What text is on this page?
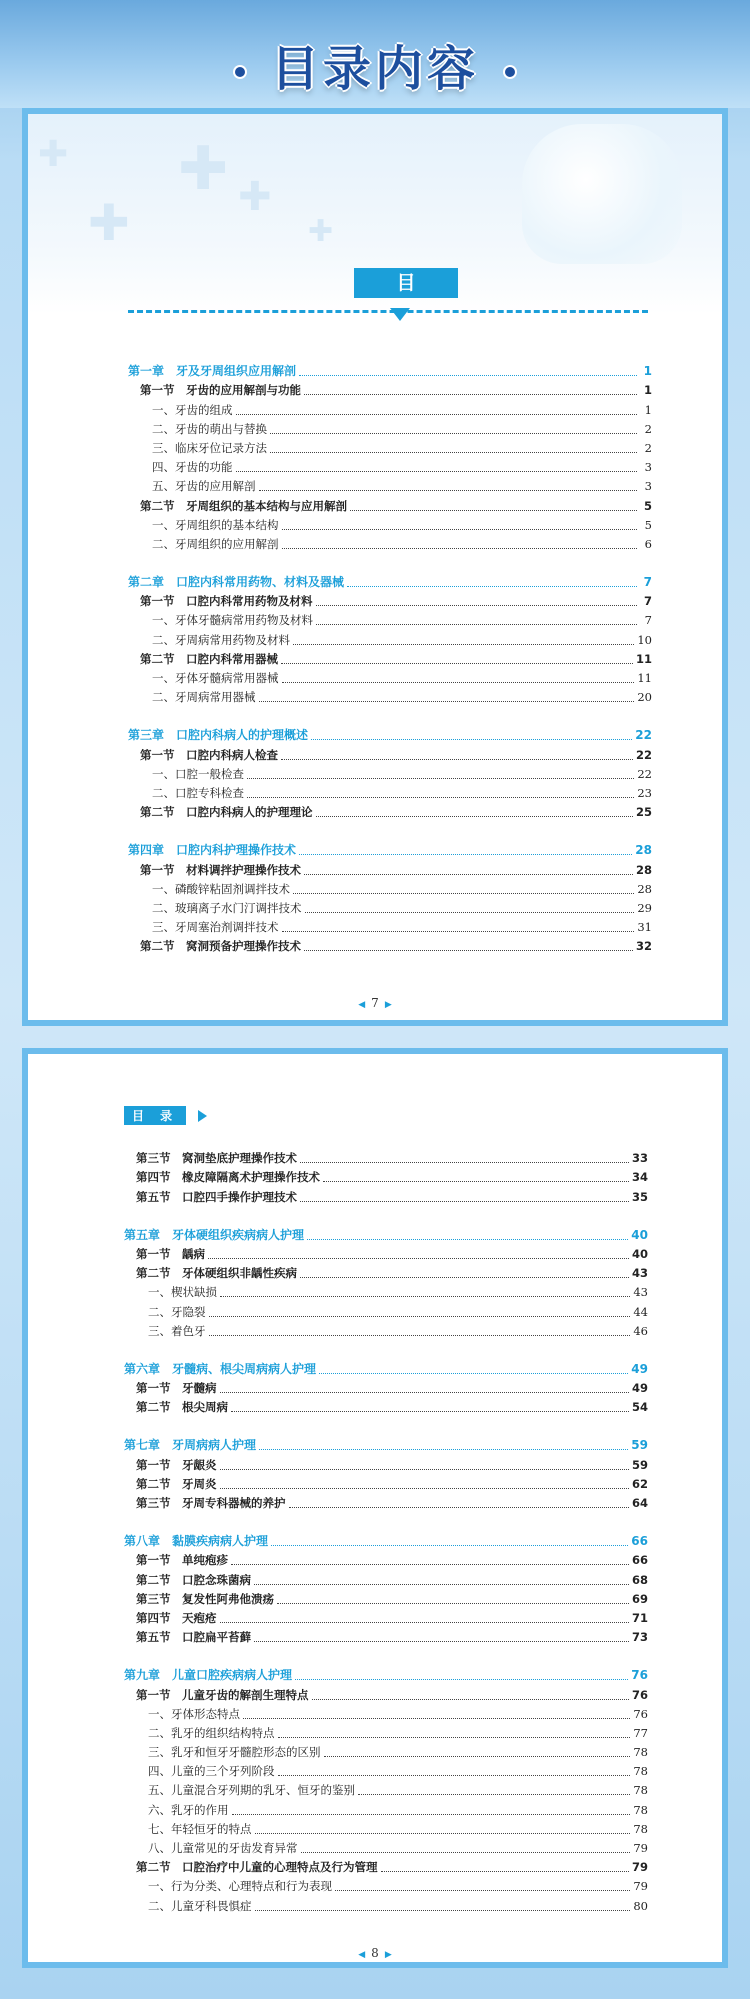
目录内容
✚ ✚
✚	✚
✚
目 录
第一章　牙及牙周组织应用解剖	1
第一节　牙齿的应用解剖与功能	1
一、牙齿的组成	1
二、牙齿的萌出与替换	2
三、临床牙位记录方法	2
四、牙齿的功能	3
五、牙齿的应用解剖	3
第二节　牙周组织的基本结构与应用解剖	5
一、牙周组织的基本结构	5
二、牙周组织的应用解剖	6
第二章　口腔内科常用药物、材料及器械	7
第一节　口腔内科常用药物及材料	7
一、牙体牙髓病常用药物及材料	7
二、牙周病常用药物及材料	10
第二节　口腔内科常用器械	11
一、牙体牙髓病常用器械	11
二、牙周病常用器械	20
第三章　口腔内科病人的护理概述	22
第一节　口腔内科病人检查	22
一、口腔一般检查	22
二、口腔专科检查	23
第二节　口腔内科病人的护理理论	25
第四章　口腔内科护理操作技术	28
第一节　材料调拌护理操作技术	28
一、磷酸锌粘固剂调拌技术	28
二、玻璃离子水门汀调拌技术	29
三、牙周塞治剂调拌技术	31
第二节　窝洞预备护理操作技术	32
◀ 7 ▶
目 录
第三节　窝洞垫底护理操作技术	33
第四节　橡皮障隔离术护理操作技术	34
第五节　口腔四手操作护理技术	35
第五章　牙体硬组织疾病病人护理	40
第一节　龋病	40
第二节　牙体硬组织非龋性疾病	43
一、楔状缺损	43
二、牙隐裂	44
三、着色牙	46
第六章　牙髓病、根尖周病病人护理	49
第一节　牙髓病	49
第二节　根尖周病	54
第七章　牙周病病人护理	59
第一节　牙龈炎	59
第二节　牙周炎	62
第三节　牙周专科器械的养护	64
第八章　黏膜疾病病人护理	66
第一节　单纯疱疹	66
第二节　口腔念珠菌病	68
第三节　复发性阿弗他溃疡	69
第四节　天疱疮	71
第五节　口腔扁平苔藓	73
第九章　儿童口腔疾病病人护理	76
第一节　儿童牙齿的解剖生理特点	76
一、牙体形态特点	76
二、乳牙的组织结构特点	77
三、乳牙和恒牙牙髓腔形态的区别	78
四、儿童的三个牙列阶段	78
五、儿童混合牙列期的乳牙、恒牙的鉴别	78
六、乳牙的作用	78
七、年轻恒牙的特点	78
八、儿童常见的牙齿发育异常	79
第二节　口腔治疗中儿童的心理特点及行为管理	79
一、行为分类、心理特点和行为表现	79
二、儿童牙科畏惧症	80
◀ 8 ▶
